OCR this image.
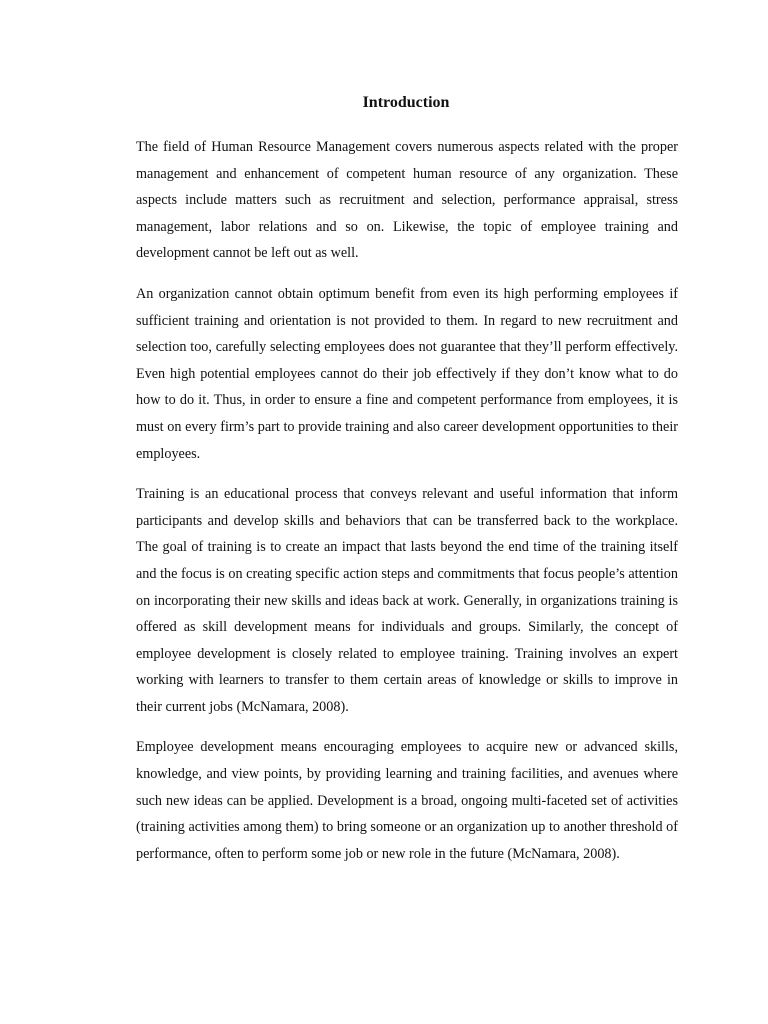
Introduction

The field of Human Resource Management covers numerous aspects related with the proper management and enhancement of competent human resource of any organization. These aspects include matters such as recruitment and selection, performance appraisal, stress management, labor relations and so on. Likewise, the topic of employee training and development cannot be left out as well.

An organization cannot obtain optimum benefit from even its high performing employees if sufficient training and orientation is not provided to them. In regard to new recruitment and selection too, carefully selecting employees does not guarantee that they’ll perform effectively. Even high potential employees cannot do their job effectively if they don’t know what to do how to do it. Thus, in order to ensure a fine and competent performance from employees, it is must on every firm’s part to provide training and also career development opportunities to their employees.

Training is an educational process that conveys relevant and useful information that inform participants and develop skills and behaviors that can be transferred back to the workplace. The goal of training is to create an impact that lasts beyond the end time of the training itself and the focus is on creating specific action steps and commitments that focus people’s attention on incorporating their new skills and ideas back at work. Generally, in organizations training is offered as skill development means for individuals and groups. Similarly, the concept of employee development is closely related to employee training. Training involves an expert working with learners to transfer to them certain areas of knowledge or skills to improve in their current jobs (McNamara, 2008).

Employee development means encouraging employees to acquire new or advanced skills, knowledge, and view points, by providing learning and training facilities, and avenues where such new ideas can be applied. Development is a broad, ongoing multi-faceted set of activities (training activities among them) to bring someone or an organization up to another threshold of performance, often to perform some job or new role in the future (McNamara, 2008).
